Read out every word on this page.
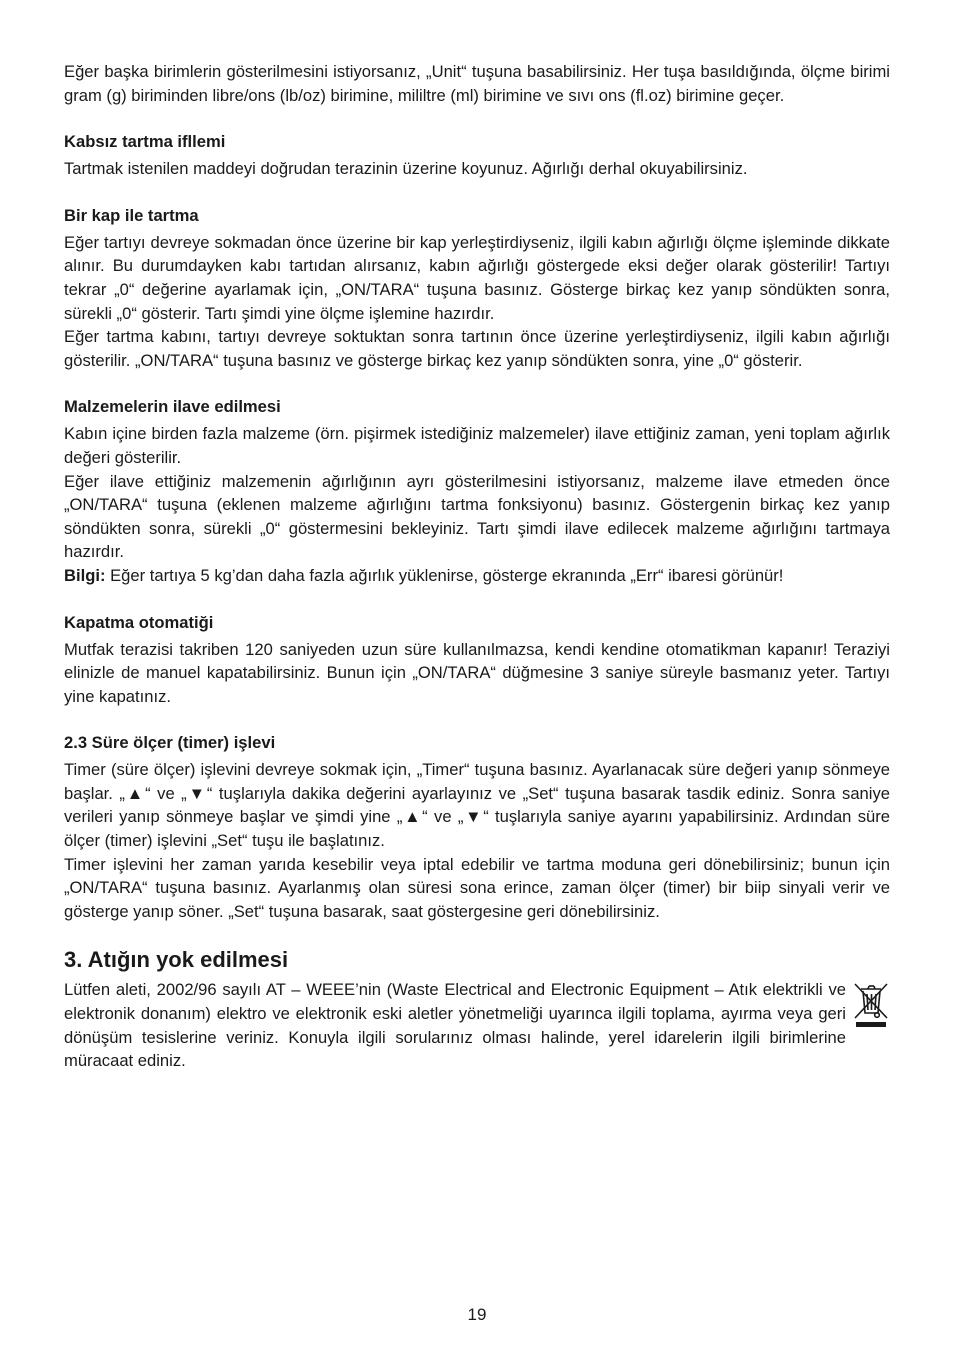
Eğer başka birimlerin gösterilmesini istiyorsanız, „Unit“ tuşuna basabilirsiniz. Her tuşa basıldığında, ölçme birimi gram (g) biriminden libre/ons (lb/oz) birimine, mililtre (ml) birimine ve sıvı ons (fl.oz) birimine geçer.

Kabsız tartma ifllemi

Tartmak istenilen maddeyi doğrudan terazinin üzerine koyunuz. Ağırlığı derhal okuyabilirsiniz.

Bir kap ile tartma

Eğer tartıyı devreye sokmadan önce üzerine bir kap yerleştirdiyseniz, ilgili kabın ağırlığı ölçme işleminde dikkate alınır. Bu durumdayken kabı tartıdan alırsanız, kabın ağırlığı göstergede eksi değer olarak gösterilir! Tartıyı tekrar „0“ değerine ayarlamak için, „ON/TARA“ tuşuna basınız. Gösterge birkaç kez yanıp söndükten sonra, sürekli „0“ gösterir. Tartı şimdi yine ölçme işlemine hazırdır.

Eğer tartma kabını, tartıyı devreye soktuktan sonra tartının önce üzerine yerleştirdiyseniz, ilgili kabın ağırlığı gösterilir. „ON/TARA“ tuşuna basınız ve gösterge birkaç kez yanıp söndükten sonra, yine „0“ gösterir.

Malzemelerin ilave edilmesi

Kabın içine birden fazla malzeme (örn. pişirmek istediğiniz malzemeler) ilave ettiğiniz zaman, yeni toplam ağırlık değeri gösterilir.

Eğer ilave ettiğiniz malzemenin ağırlığının ayrı gösterilmesini istiyorsanız, malzeme ilave etmeden önce „ON/TARA“ tuşuna (eklenen malzeme ağırlığını tartma fonksiyonu) basınız. Göstergenin birkaç kez yanıp söndükten sonra, sürekli „0“ göstermesini bekleyiniz. Tartı şimdi ilave edilecek malzeme ağırlığını tartmaya hazırdır.

Bilgi: Eğer tartıya 5 kg’dan daha fazla ağırlık yüklenirse, gösterge ekranında „Err“ ibaresi görünür!

Kapatma otomatiği

Mutfak terazisi takriben 120 saniyeden uzun süre kullanılmazsa, kendi kendine otomatikman kapanır! Teraziyi elinizle de manuel kapatabilirsiniz. Bunun için „ON/TARA“ düğmesine 3 saniye süreyle basmanız yeter. Tartıyı yine kapatınız.

2.3 Süre ölçer (timer) işlevi

Timer (süre ölçer) işlevini devreye sokmak için, „Timer“ tuşuna basınız. Ayarlanacak süre değeri yanıp sönmeye başlar. „▲“ ve „▼“ tuşlarıyla dakika değerini ayarlayınız ve „Set“ tuşuna basarak tasdik ediniz. Sonra saniye verileri yanıp sönmeye başlar ve şimdi yine „▲“ ve „▼“ tuşlarıyla saniye ayarını yapabilirsiniz. Ardından süre ölçer (timer) işlevini „Set“ tuşu ile başlatınız.

Timer işlevini her zaman yarıda kesebilir veya iptal edebilir ve tartma moduna geri dönebilirsiniz; bunun için „ON/TARA“ tuşuna basınız. Ayarlanmış olan süresi sona erince, zaman ölçer (timer) bir biip sinyali verir ve gösterge yanıp söner. „Set“ tuşuna basarak, saat göstergesine geri dönebilirsiniz.

3. Atığın yok edilmesi

Lütfen aleti, 2002/96 sayılı AT – WEEE’nin (Waste Electrical and Electronic Equipment – Atık elektrikli ve elektronik donanım) elektro ve elektronik eski aletler yönetmeliği uyarınca ilgili toplama, ayırma veya geri dönüşüm tesislerine veriniz. Konuyla ilgili sorularınız olması halinde, yerel idarelerin ilgili birimlerine müracaat ediniz.

19
